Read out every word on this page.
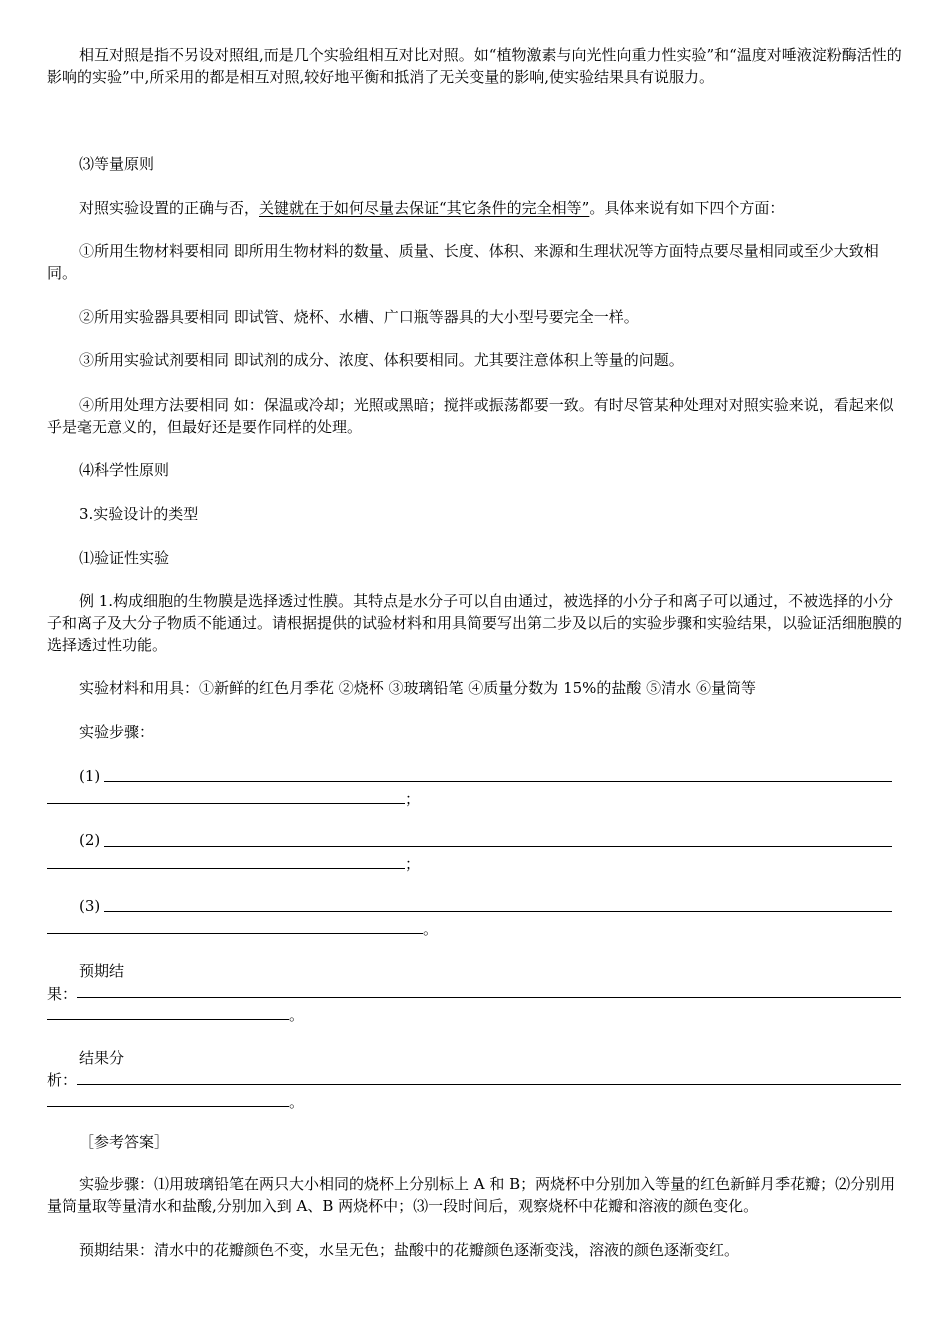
相互对照是指不另设对照组,而是几个实验组相互对比对照。如“植物激素与向光性向重力性实验”和“温度对唾液淀粉酶活性的影响的实验”中,所采用的都是相互对照,较好地平衡和抵消了无关变量的影响,使实验结果具有说服力。
⑶等量原则
对照实验设置的正确与否，关键就在于如何尽量去保证“其它条件的完全相等”。具体来说有如下四个方面：
①所用生物材料要相同 即所用生物材料的数量、质量、长度、体积、来源和生理状况等方面特点要尽量相同或至少大致相同。
②所用实验器具要相同 即试管、烧杯、水槽、广口瓶等器具的大小型号要完全一样。
③所用实验试剂要相同 即试剂的成分、浓度、体积要相同。尤其要注意体积上等量的问题。
④所用处理方法要相同 如：保温或冷却；光照或黑暗；搅拌或振荡都要一致。有时尽管某种处理对对照实验来说，看起来似乎是毫无意义的，但最好还是要作同样的处理。
⑷科学性原则
3.实验设计的类型
⑴验证性实验
例 1.构成细胞的生物膜是选择透过性膜。其特点是水分子可以自由通过，被选择的小分子和离子可以通过，不被选择的小分子和离子及大分子物质不能通过。请根据提供的试验材料和用具简要写出第二步及以后的实验步骤和实验结果，以验证活细胞膜的选择透过性功能。
实验材料和用具：①新鲜的红色月季花 ②烧杯 ③玻璃铅笔 ④质量分数为 15%的盐酸 ⑤清水 ⑥量筒等
实验步骤：
(1)
；
(2)
；
(3)
。
预期结
果：
。
结果分
析：
。
［参考答案］
实验步骤：⑴用玻璃铅笔在两只大小相同的烧杯上分别标上 A 和 B；两烧杯中分别加入等量的红色新鲜月季花瓣；⑵分别用量筒量取等量清水和盐酸,分别加入到 A、B 两烧杯中；⑶一段时间后，观察烧杯中花瓣和溶液的颜色变化。
预期结果：清水中的花瓣颜色不变，水呈无色；盐酸中的花瓣颜色逐渐变浅，溶液的颜色逐渐变红。
